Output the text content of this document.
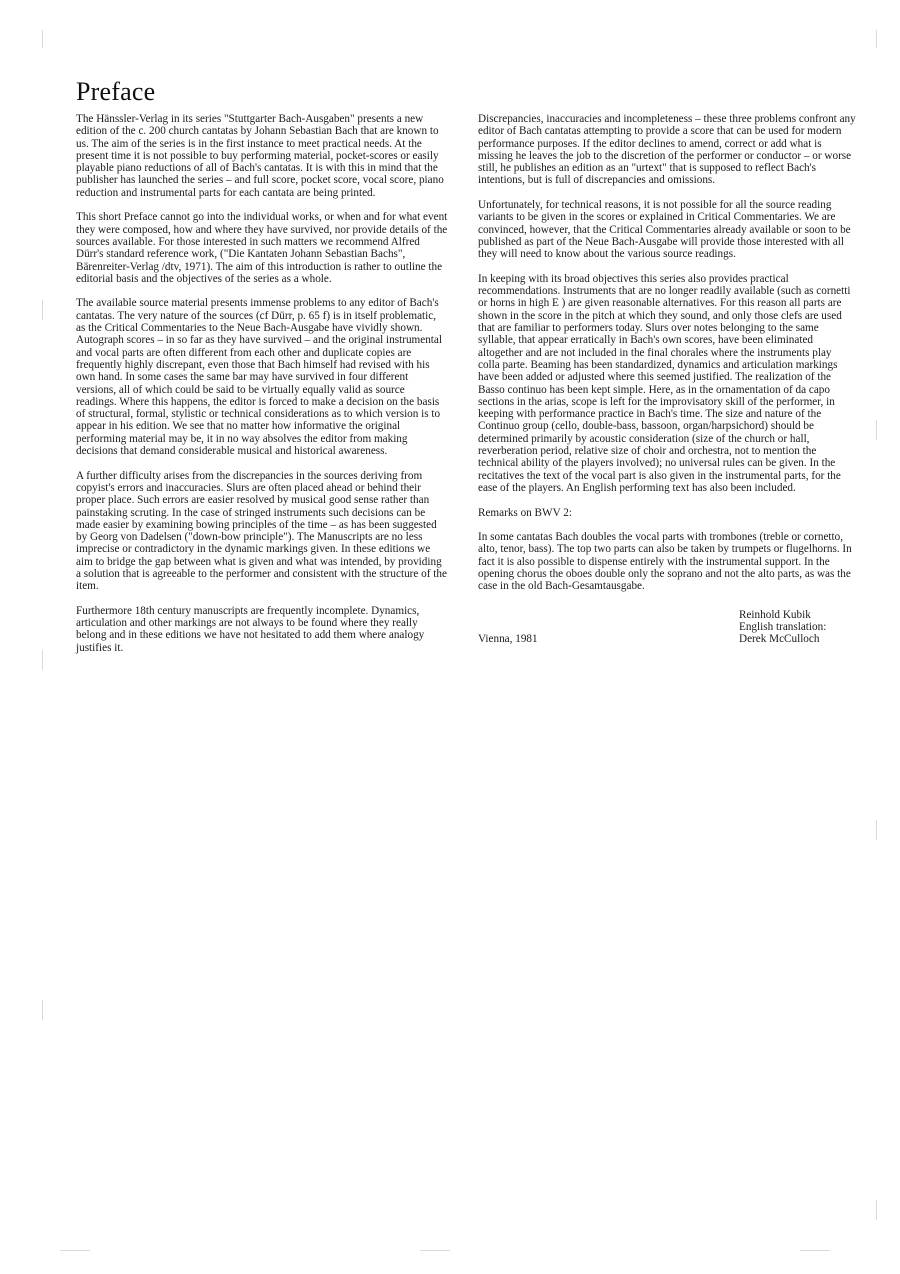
Preface

The Hänssler-Verlag in its series "Stuttgarter Bach-Ausgaben" presents a new edition of the c. 200 church cantatas by Johann Sebastian Bach that are known to us. The aim of the series is in the first instance to meet practical needs. At the present time it is not possible to buy performing material, pocket-scores or easily playable piano reductions of all of Bach's cantatas. It is with this in mind that the publisher has launched the series – and full score, pocket score, vocal score, piano reduction and instrumental parts for each cantata are being printed.

This short Preface cannot go into the individual works, or when and for what event they were composed, how and where they have survived, nor provide details of the sources available. For those interested in such matters we recommend Alfred Dürr's standard reference work, ("Die Kantaten Johann Sebastian Bachs", Bärenreiter-Verlag /dtv, 1971). The aim of this introduction is rather to outline the editorial basis and the objectives of the series as a whole.

The available source material presents immense problems to any editor of Bach's cantatas. The very nature of the sources (cf Dürr, p. 65 f) is in itself problematic, as the Critical Commentaries to the Neue Bach-Ausgabe have vividly shown. Autograph scores – in so far as they have survived – and the original instrumental and vocal parts are often different from each other and duplicate copies are frequently highly discrepant, even those that Bach himself had revised with his own hand. In some cases the same bar may have survived in four different versions, all of which could be said to be virtually equally valid as source readings. Where this happens, the editor is forced to make a decision on the basis of structural, formal, stylistic or technical considerations as to which version is to appear in his edition. We see that no matter how informative the original performing material may be, it in no way absolves the editor from making decisions that demand considerable musical and historical awareness.

A further difficulty arises from the discrepancies in the sources deriving from copyist's errors and inaccuracies. Slurs are often placed ahead or behind their proper place. Such errors are easier resolved by musical good sense rather than painstaking scruting. In the case of stringed instruments such decisions can be made easier by examining bowing principles of the time – as has been suggested by Georg von Dadelsen ("down-bow principle"). The Manuscripts are no less imprecise or contradictory in the dynamic markings given. In these editions we aim to bridge the gap between what is given and what was intended, by providing a solution that is agreeable to the performer and consistent with the structure of the item.

Furthermore 18th century manuscripts are frequently incomplete. Dynamics, articulation and other markings are not always to be found where they really belong and in these editions we have not hesitated to add them where analogy justifies it.

Discrepancies, inaccuracies and incompleteness – these three problems confront any editor of Bach cantatas attempting to provide a score that can be used for modern performance purposes. If the editor declines to amend, correct or add what is missing he leaves the job to the discretion of the performer or conductor – or worse still, he publishes an edition as an "urtext" that is supposed to reflect Bach's intentions, but is full of discrepancies and omissions.

Unfortunately, for technical reasons, it is not possible for all the source reading variants to be given in the scores or explained in Critical Commentaries. We are convinced, however, that the Critical Commentaries already available or soon to be published as part of the Neue Bach-Ausgabe will provide those interested with all they will need to know about the various source readings.

In keeping with its broad objectives this series also provides practical recommendations. Instruments that are no longer readily available (such as cornetti or horns in high E ) are given reasonable alternatives. For this reason all parts are shown in the score in the pitch at which they sound, and only those clefs are used that are familiar to performers today. Slurs over notes belonging to the same syllable, that appear erratically in Bach's own scores, have been eliminated altogether and are not included in the final chorales where the instruments play colla parte. Beaming has been standardized, dynamics and articulation markings have been added or adjusted where this seemed justified. The realization of the Basso continuo has been kept simple. Here, as in the ornamentation of da capo sections in the arias, scope is left for the improvisatory skill of the performer, in keeping with performance practice in Bach's time. The size and nature of the Continuo group (cello, double-bass, bassoon, organ/harpsichord) should be determined primarily by acoustic consideration (size of the church or hall, reverberation period, relative size of choir and orchestra, not to mention the technical ability of the players involved); no universal rules can be given. In the recitatives the text of the vocal part is also given in the instrumental parts, for the ease of the players. An English performing text has also been included.

Remarks on BWV 2:

In some cantatas Bach doubles the vocal parts with trombones (treble or cornetto, alto, tenor, bass). The top two parts can also be taken by trumpets or flugelhorns. In fact it is also possible to dispense entirely with the instrumental support. In the opening chorus the oboes double only the soprano and not the alto parts, as was the case in the old Bach-Gesamtausgabe.

Vienna, 1981
Reinhold Kubik
English translation:
Derek McCulloch
